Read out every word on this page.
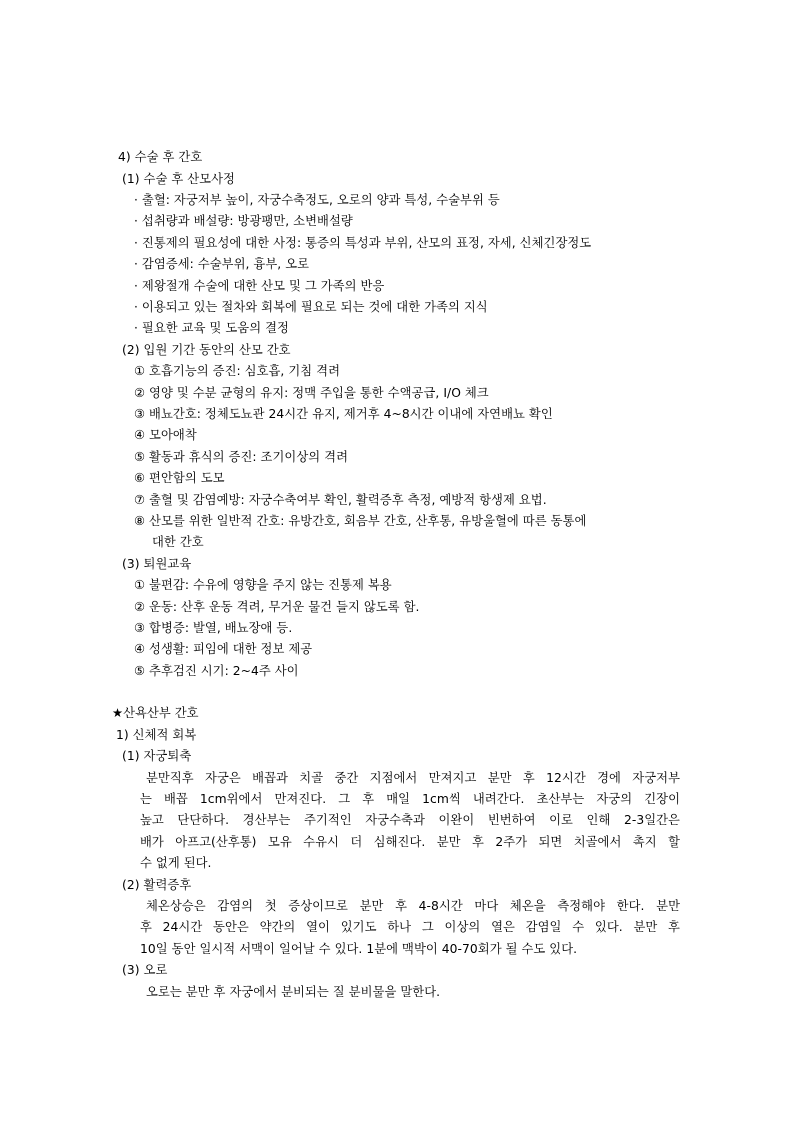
4) 수술 후 간호
(1) 수술 후 산모사정
· 출혈: 자궁저부 높이, 자궁수축정도, 오로의 양과 특성, 수술부위 등
· 섭취량과 배설량: 방광팽만, 소변배설량
· 진통제의 필요성에 대한 사정: 통증의 특성과 부위, 산모의 표정, 자세, 신체긴장정도
· 감염증세: 수술부위, 흉부, 오로
· 제왕절개 수술에 대한 산모 및 그 가족의 반응
· 이용되고 있는 절차와 회복에 필요로 되는 것에 대한 가족의 지식
· 필요한 교육 및 도움의 결정
(2) 입원 기간 동안의 산모 간호
① 호흡기능의 증진: 심호흡, 기침 격려
② 영양 및 수분 균형의 유지: 정맥 주입을 통한 수액공급, I/O 체크
③ 배뇨간호: 정체도뇨관 24시간 유지, 제거후 4~8시간 이내에 자연배뇨 확인
④ 모아애착
⑤ 활동과 휴식의 증진: 조기이상의 격려
⑥ 편안함의 도모
⑦ 출혈 및 감염예방: 자궁수축여부 확인, 활력증후 측정, 예방적 항생제 요법.
⑧ 산모를 위한 일반적 간호: 유방간호, 회음부 간호, 산후통, 유방울혈에 따른 동통에
대한 간호
(3) 퇴원교육
① 불편감: 수유에 영향을 주지 않는 진통제 복용
② 운동: 산후 운동 격려, 무거운 물건 들지 않도록 함.
③ 합병증: 발열, 배뇨장애 등.
④ 성생활: 피임에 대한 정보 제공
⑤ 추후검진 시기: 2~4주 사이
★산욕산부 간호
1) 신체적 회복
(1) 자궁퇴축
분만직후 자궁은 배꼽과 치골 중간 지점에서 만져지고 분만 후 12시간 경에 자궁저부
는 배꼽 1cm위에서 만져진다. 그 후 매일 1cm씩 내려간다. 초산부는 자궁의 긴장이
높고 단단하다. 경산부는 주기적인 자궁수축과 이완이 빈번하여 이로 인해 2-3일간은
배가 아프고(산후통) 모유 수유시 더 심해진다. 분만 후 2주가 되면 치골에서 촉지 할
수 없게 된다.
(2) 활력증후
체온상승은 감염의 첫 증상이므로 분만 후 4-8시간 마다 체온을 측정해야 한다. 분만
후 24시간 동안은 약간의 열이 있기도 하나 그 이상의 열은 감염일 수 있다. 분만 후
10일 동안 일시적 서맥이 일어날 수 있다. 1분에 맥박이 40-70회가 될 수도 있다.
(3) 오로
오로는 분만 후 자궁에서 분비되는 질 분비물을 말한다.
